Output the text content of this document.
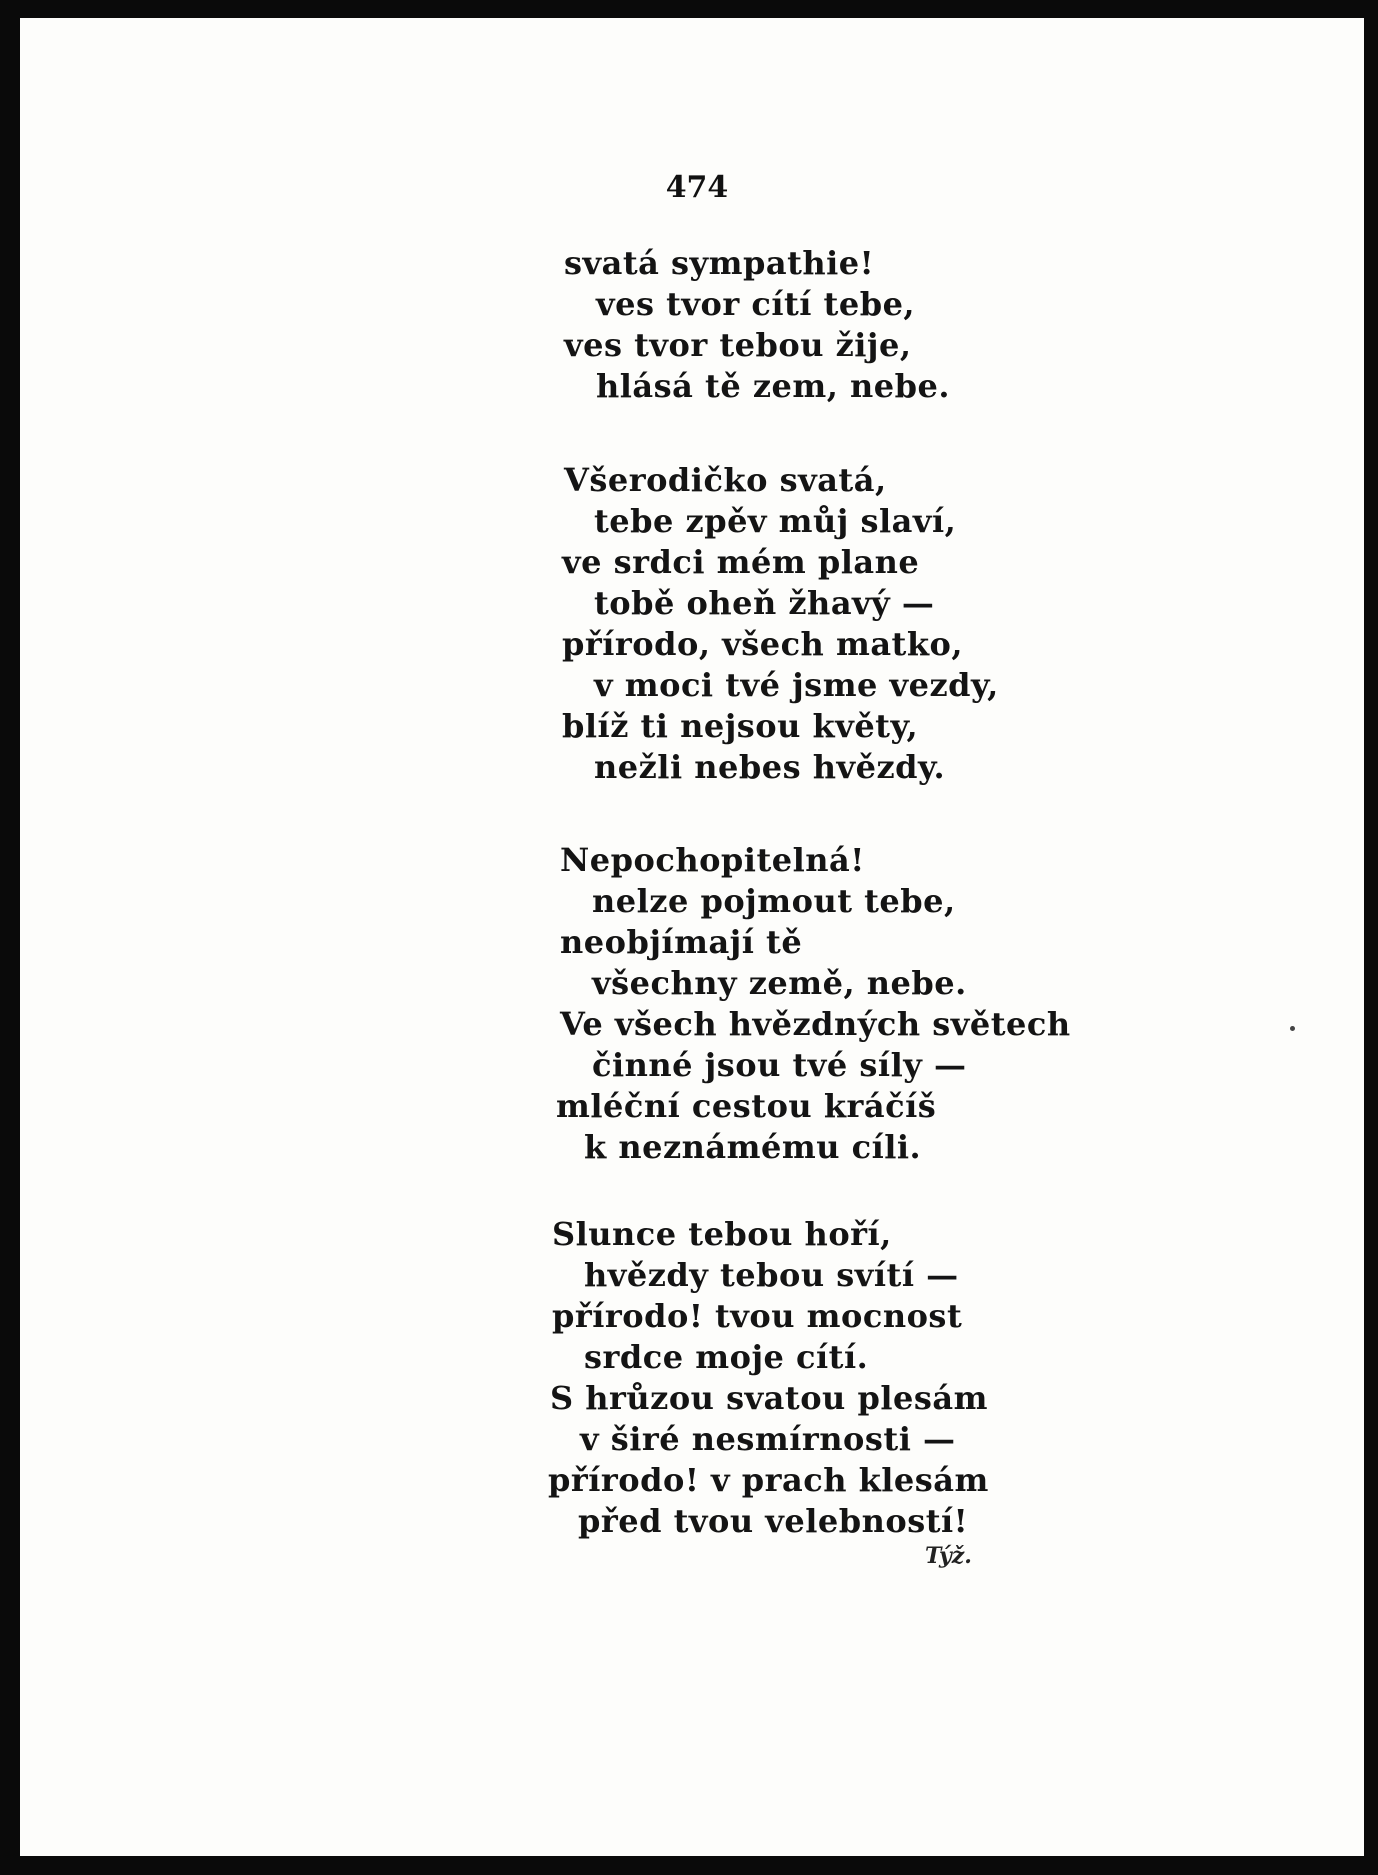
474
svatá sympathie!
ves tvor cítí tebe,
ves tvor tebou žije,
hlásá tě zem, nebe.
Všerodičko svatá,
tebe zpěv můj slaví,
ve srdci mém plane
tobě oheň žhavý —
přírodo, všech matko,
v moci tvé jsme vezdy,
blíž ti nejsou květy,
nežli nebes hvězdy.
Nepochopitelná!
nelze pojmout tebe,
neobjímají tě
všechny země, nebe.
Ve všech hvězdných světech
činné jsou tvé síly —
mléční cestou kráčíš
k neznámému cíli.
Slunce tebou hoří,
hvězdy tebou svítí —
přírodo! tvou mocnost
srdce moje cítí.
S hrůzou svatou plesám
v širé nesmírnosti —
přírodo! v prach klesám
před tvou velebností!
Týž.
